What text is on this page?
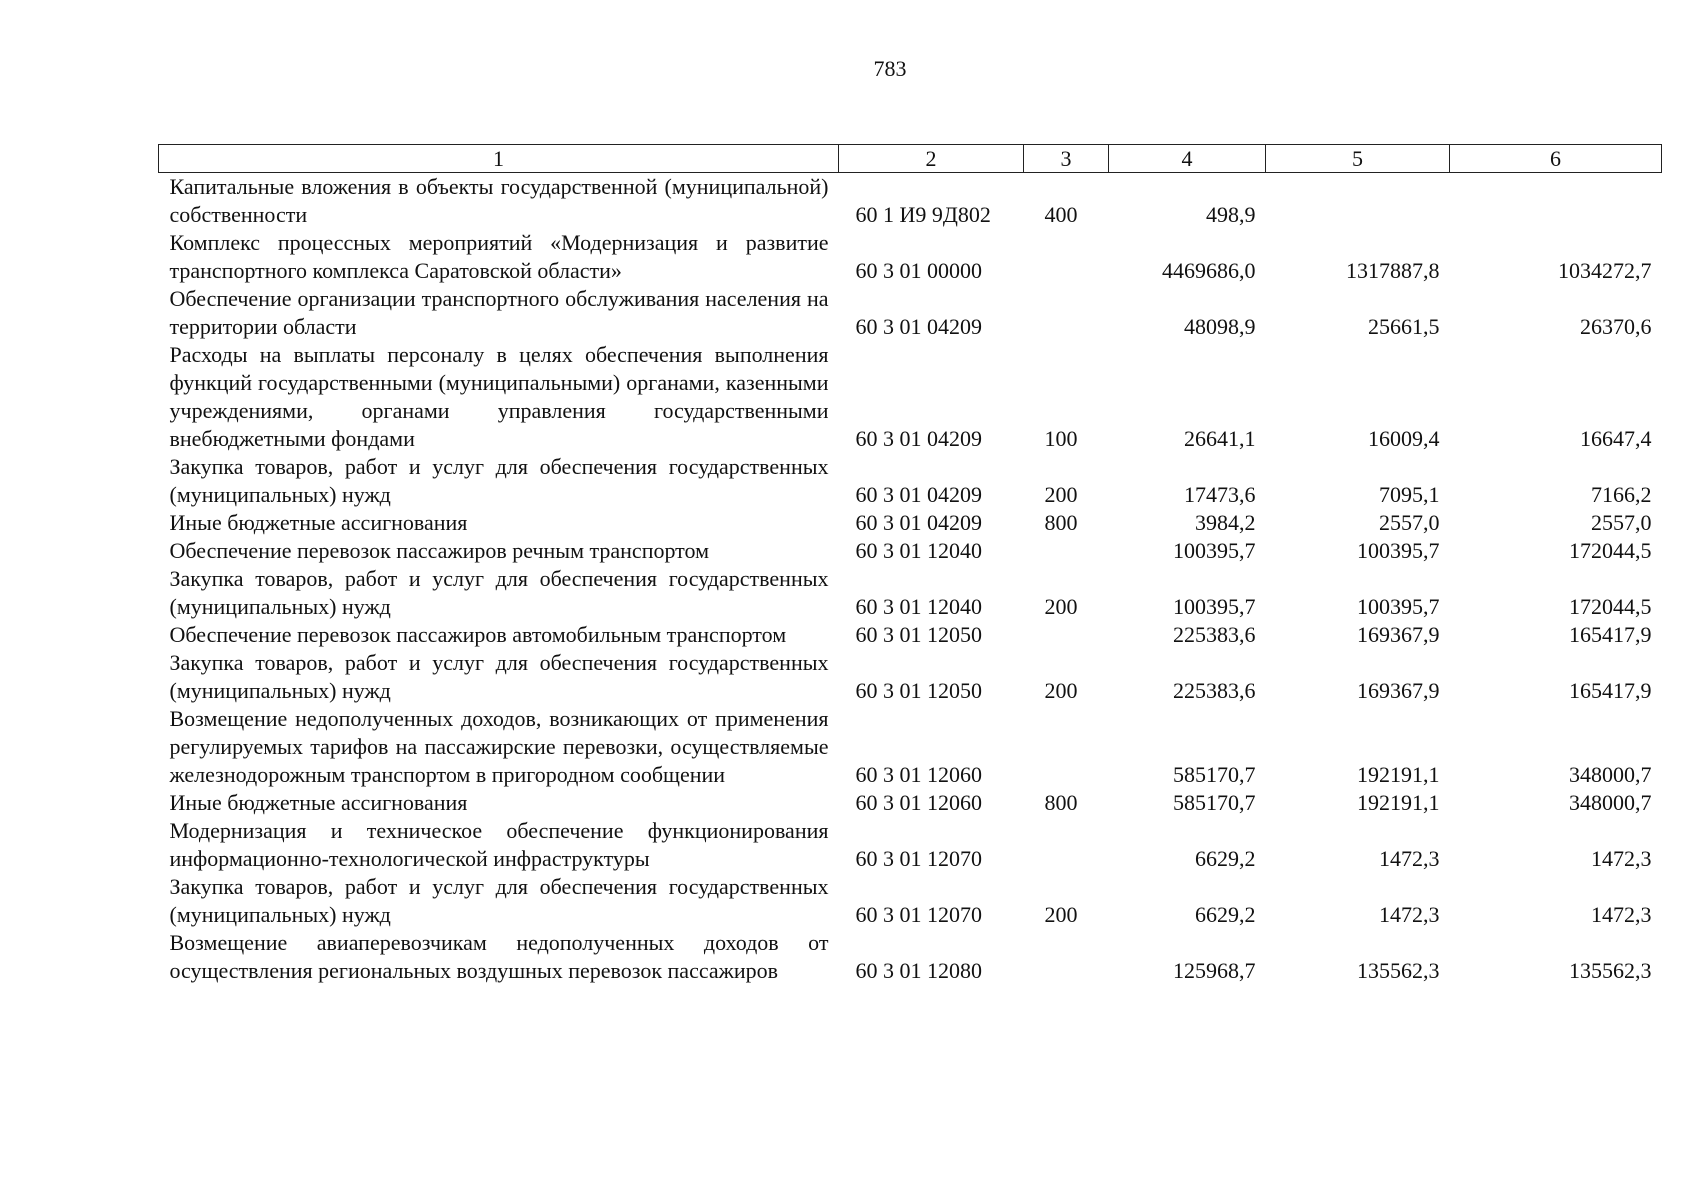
783
1	2	3	4	5	6
Капитальные вложения в объекты государственной (муниципальной) собственности	60 1 И9 9Д802	400	498,9		
Комплекс процессных мероприятий «Модернизация и развитие транспортного комплекса Саратовской области»	60 3 01 00000		4469686,0	1317887,8	1034272,7
Обеспечение организации транспортного обслуживания населения на территории области	60 3 01 04209		48098,9	25661,5	26370,6
Расходы на выплаты персоналу в целях обеспечения выполнения функций государственными (муниципальными) органами, казенными учреждениями, органами управления государственными внебюджетными фондами	60 3 01 04209	100	26641,1	16009,4	16647,4
Закупка товаров, работ и услуг для обеспечения государственных (муниципальных) нужд	60 3 01 04209	200	17473,6	7095,1	7166,2
Иные бюджетные ассигнования	60 3 01 04209	800	3984,2	2557,0	2557,0
Обеспечение перевозок пассажиров речным транспортом	60 3 01 12040		100395,7	100395,7	172044,5
Закупка товаров, работ и услуг для обеспечения государственных (муниципальных) нужд	60 3 01 12040	200	100395,7	100395,7	172044,5
Обеспечение перевозок пассажиров автомобильным транспортом	60 3 01 12050		225383,6	169367,9	165417,9
Закупка товаров, работ и услуг для обеспечения государственных (муниципальных) нужд	60 3 01 12050	200	225383,6	169367,9	165417,9
Возмещение недополученных доходов, возникающих от применения регулируемых тарифов на пассажирские перевозки, осуществляемые железнодорожным транспортом в пригородном сообщении	60 3 01 12060		585170,7	192191,1	348000,7
Иные бюджетные ассигнования	60 3 01 12060	800	585170,7	192191,1	348000,7
Модернизация и техническое обеспечение функционирования информационно-технологической инфраструктуры	60 3 01 12070		6629,2	1472,3	1472,3
Закупка товаров, работ и услуг для обеспечения государственных (муниципальных) нужд	60 3 01 12070	200	6629,2	1472,3	1472,3
Возмещение авиаперевозчикам недополученных доходов от осуществления региональных воздушных перевозок пассажиров	60 3 01 12080		125968,7	135562,3	135562,3
